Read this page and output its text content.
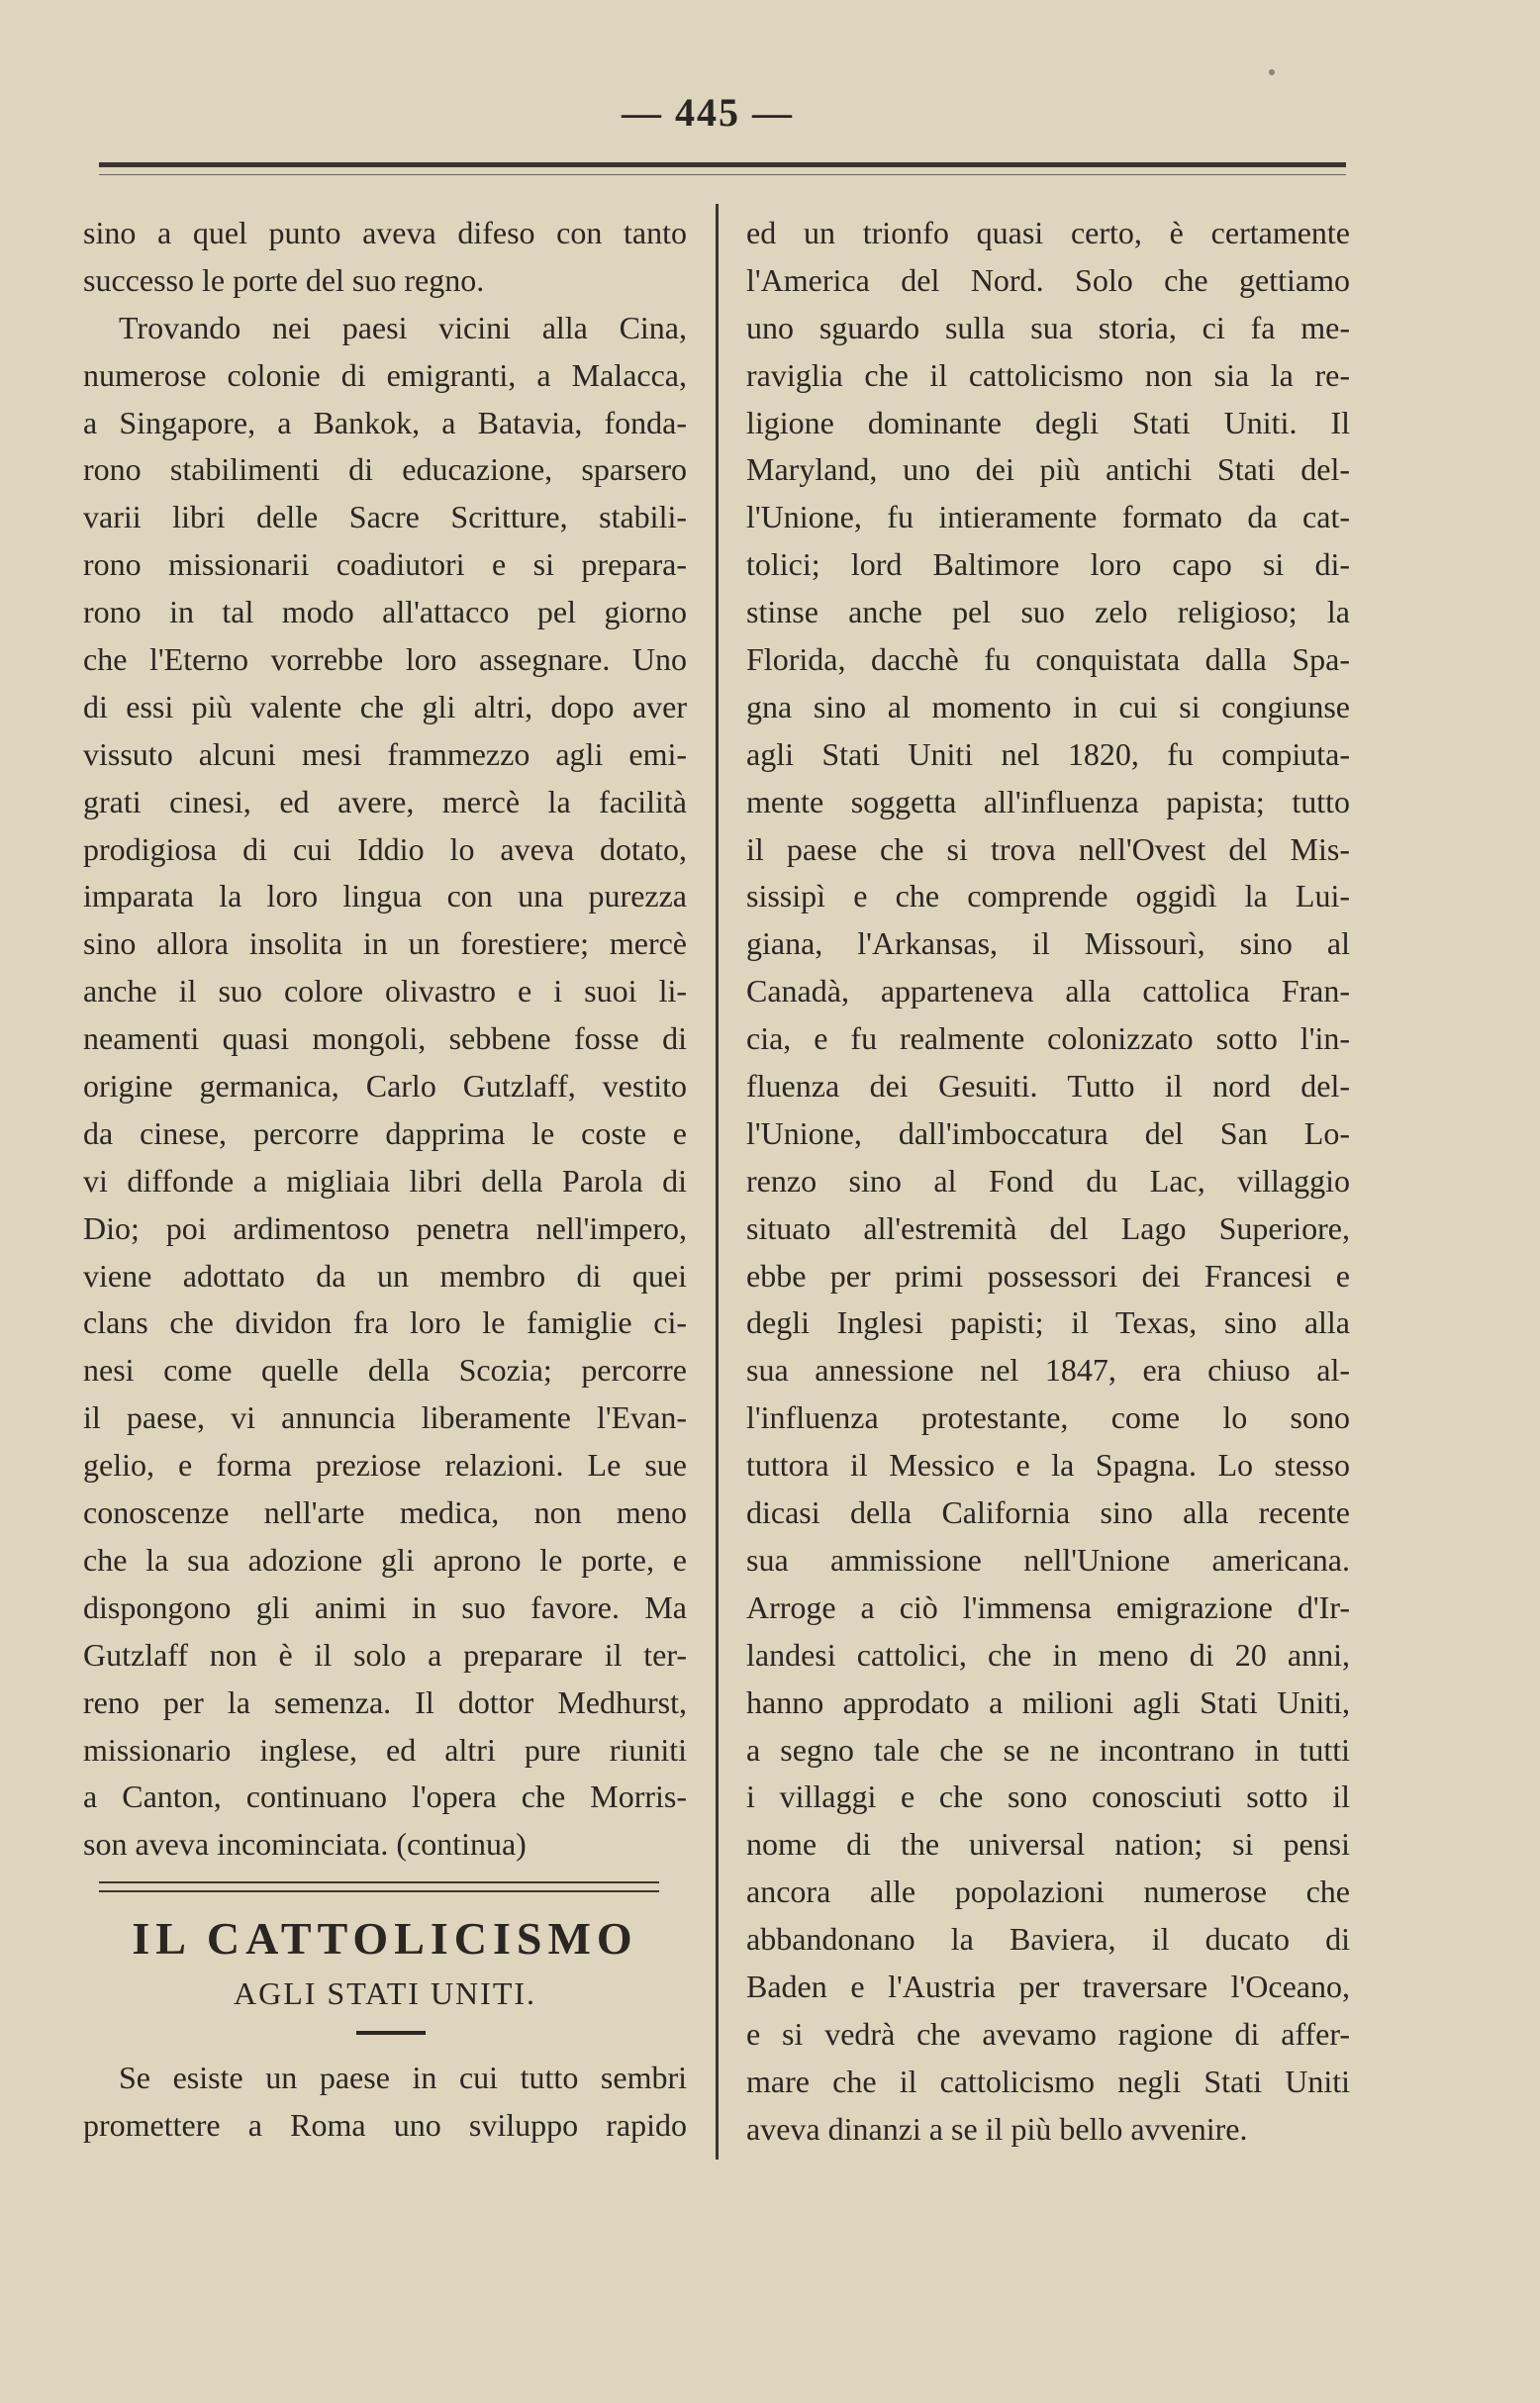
— 445 —
sino a quel punto aveva difeso con tanto
successo le porte del suo regno.
Trovando nei paesi vicini alla Cina,
numerose colonie di emigranti, a Malacca,
a Singapore, a Bankok, a Batavia, fonda-
rono stabilimenti di educazione, sparsero
varii libri delle Sacre Scritture, stabili-
rono missionarii coadiutori e si prepara-
rono in tal modo all'attacco pel giorno
che l'Eterno vorrebbe loro assegnare. Uno
di essi più valente che gli altri, dopo aver
vissuto alcuni mesi frammezzo agli emi-
grati cinesi, ed avere, mercè la facilità
prodigiosa di cui Iddio lo aveva dotato,
imparata la loro lingua con una purezza
sino allora insolita in un forestiere; mercè
anche il suo colore olivastro e i suoi li-
neamenti quasi mongoli, sebbene fosse di
origine germanica, Carlo Gutzlaff, vestito
da cinese, percorre dapprima le coste e
vi diffonde a migliaia libri della Parola di
Dio; poi ardimentoso penetra nell'impero,
viene adottato da un membro di quei
clans che dividon fra loro le famiglie ci-
nesi come quelle della Scozia; percorre
il paese, vi annuncia liberamente l'Evan-
gelio, e forma preziose relazioni. Le sue
conoscenze nell'arte medica, non meno
che la sua adozione gli aprono le porte, e
dispongono gli animi in suo favore. Ma
Gutzlaff non è il solo a preparare il ter-
reno per la semenza. Il dottor Medhurst,
missionario inglese, ed altri pure riuniti
a Canton, continuano l'opera che Morris-
son aveva incominciata. (continua)
IL CATTOLICISMO
AGLI STATI UNITI.
Se esiste un paese in cui tutto sembri
promettere a Roma uno sviluppo rapido
ed un trionfo quasi certo, è certamente
l'America del Nord. Solo che gettiamo
uno sguardo sulla sua storia, ci fa me-
raviglia che il cattolicismo non sia la re-
ligione dominante degli Stati Uniti. Il
Maryland, uno dei più antichi Stati del-
l'Unione, fu intieramente formato da cat-
tolici; lord Baltimore loro capo si di-
stinse anche pel suo zelo religioso; la
Florida, dacchè fu conquistata dalla Spa-
gna sino al momento in cui si congiunse
agli Stati Uniti nel 1820, fu compiuta-
mente soggetta all'influenza papista; tutto
il paese che si trova nell'Ovest del Mis-
sissipì e che comprende oggidì la Lui-
giana, l'Arkansas, il Missourì, sino al
Canadà, apparteneva alla cattolica Fran-
cia, e fu realmente colonizzato sotto l'in-
fluenza dei Gesuiti. Tutto il nord del-
l'Unione, dall'imboccatura del San Lo-
renzo sino al Fond du Lac, villaggio
situato all'estremità del Lago Superiore,
ebbe per primi possessori dei Francesi e
degli Inglesi papisti; il Texas, sino alla
sua annessione nel 1847, era chiuso al-
l'influenza protestante, come lo sono
tuttora il Messico e la Spagna. Lo stesso
dicasi della California sino alla recente
sua ammissione nell'Unione americana.
Arroge a ciò l'immensa emigrazione d'Ir-
landesi cattolici, che in meno di 20 anni,
hanno approdato a milioni agli Stati Uniti,
a segno tale che se ne incontrano in tutti
i villaggi e che sono conosciuti sotto il
nome di the universal nation; si pensi
ancora alle popolazioni numerose che
abbandonano la Baviera, il ducato di
Baden e l'Austria per traversare l'Oceano,
e si vedrà che avevamo ragione di affer-
mare che il cattolicismo negli Stati Uniti
aveva dinanzi a se il più bello avvenire.
